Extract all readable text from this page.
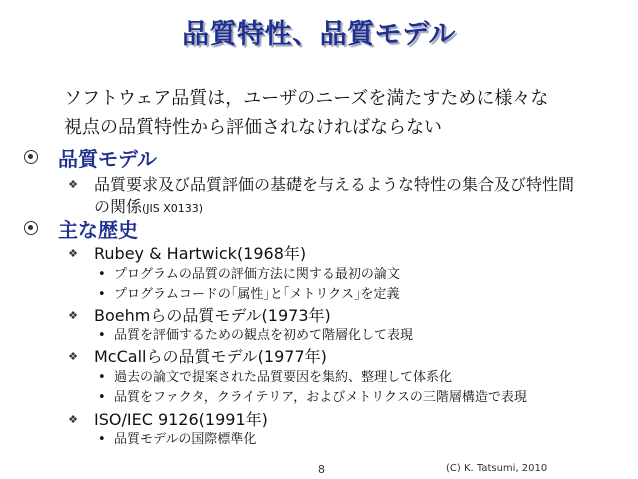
品質特性、品質モデル
ソフトウェア品質は，ユーザのニーズを満たすために様々な
視点の品質特性から評価されなければならない
品質モデル
❖ 品質要求及び品質評価の基礎を与えるような特性の集合及び特性間
の関係(JIS X0133)
主な歴史
❖ Rubey & Hartwick(1968年)
• プログラムの品質の評価方法に関する最初の論文
• プログラムコードの｢属性｣と｢メトリクス｣を定義
❖ Boehmらの品質モデル(1973年)
• 品質を評価するための観点を初めて階層化して表現
❖ McCallらの品質モデル(1977年)
• 過去の論文で提案された品質要因を集約、整理して体系化
• 品質をファクタ，クライテリア，およびメトリクスの三階層構造で表現
❖ ISO/IEC 9126(1991年)
• 品質モデルの国際標準化
8	(C) K. Tatsumi, 2010
